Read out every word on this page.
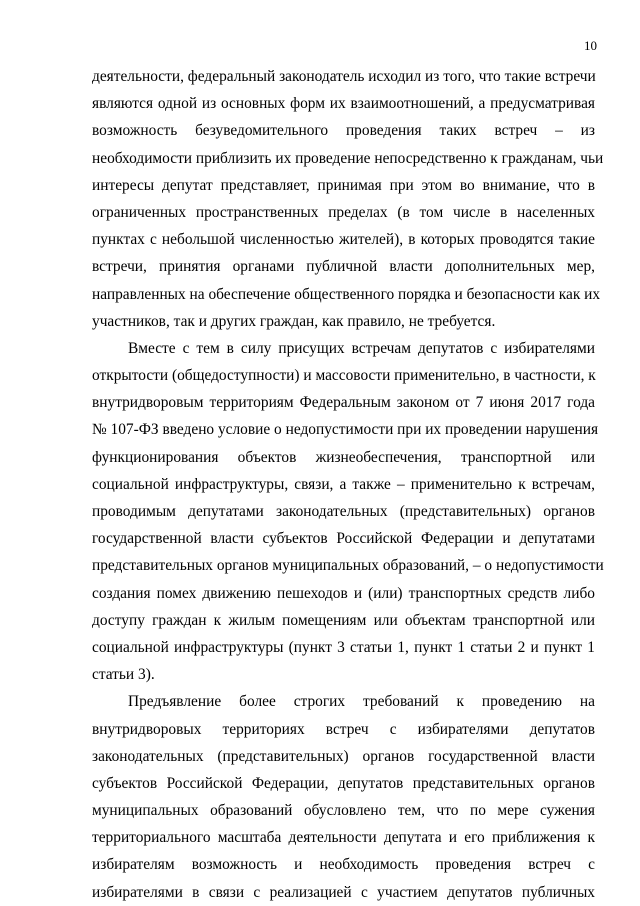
10
деятельности, федеральный законодатель исходил из того, что такие встречи
являются одной из основных форм их взаимоотношений, а предусматривая
возможность безуведомительного проведения таких встреч – из
необходимости приблизить их проведение непосредственно к гражданам, чьи
интересы депутат представляет, принимая при этом во внимание, что в
ограниченных пространственных пределах (в том числе в населенных
пунктах с небольшой численностью жителей), в которых проводятся такие
встречи, принятия органами публичной власти дополнительных мер,
направленных на обеспечение общественного порядка и безопасности как их
участников, так и других граждан, как правило, не требуется.
Вместе с тем в силу присущих встречам депутатов с избирателями
открытости (общедоступности) и массовости применительно, в частности, к
внутридворовым территориям Федеральным законом от 7 июня 2017 года
№ 107-ФЗ введено условие о недопустимости при их проведении нарушения
функционирования объектов жизнеобеспечения, транспортной или
социальной инфраструктуры, связи, а также – применительно к встречам,
проводимым депутатами законодательных (представительных) органов
государственной власти субъектов Российской Федерации и депутатами
представительных органов муниципальных образований, – о недопустимости
создания помех движению пешеходов и (или) транспортных средств либо
доступу граждан к жилым помещениям или объектам транспортной или
социальной инфраструктуры (пункт 3 статьи 1, пункт 1 статьи 2 и пункт 1
статьи 3).
Предъявление более строгих требований к проведению на
внутридворовых территориях встреч с избирателями депутатов
законодательных (представительных) органов государственной власти
субъектов Российской Федерации, депутатов представительных органов
муниципальных образований обусловлено тем, что по мере сужения
территориального масштаба деятельности депутата и его приближения к
избирателям возможность и необходимость проведения встреч с
избирателями в связи с реализацией с участием депутатов публичных
